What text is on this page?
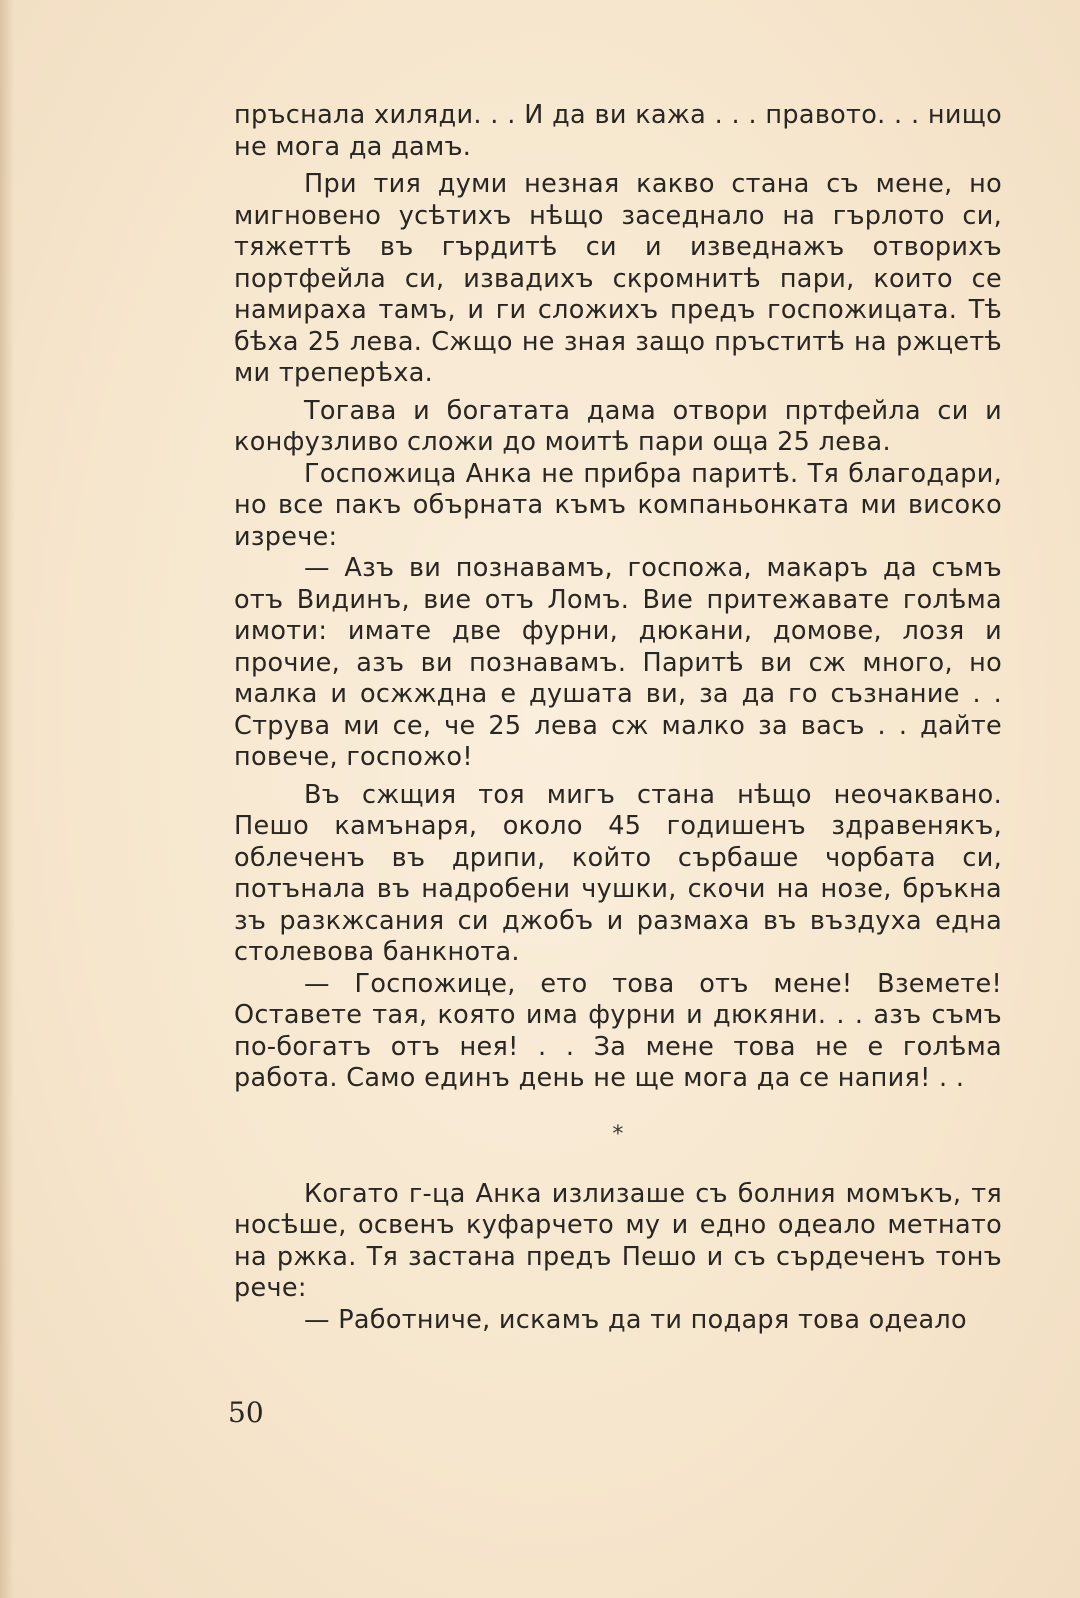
пръснала хиляди. . . И да ви кажа . . . правото. . . нищо не мога да дамъ.

При тия думи незная какво стана съ мене, но мигновено усѣтихъ нѣщо заседнало на гърлото си, тяжеттѣ въ гърдитѣ си и изведнажъ отворихъ портфейла си, извадихъ скромнитѣ пари, които се намираха тамъ, и ги сложихъ предъ госпожицата. Тѣ бѣха 25 лева. Сжщо не зная защо пръститѣ на ржцетѣ ми треперѣха.

Тогава и богатата дама отвори пртфейла си и конфузливо сложи до моитѣ пари оща 25 лева.

Госпожица Анка не прибра паритѣ. Тя благодари, но все пакъ обърната къмъ компаньонката ми високо изрече:

— Азъ ви познавамъ, госпожа, макаръ да съмъ отъ Видинъ, вие отъ Ломъ. Вие притежавате голѣма имоти: имате две фурни, дюкани, домове, лозя и прочие, азъ ви познавамъ. Паритѣ ви сж много, но малка и осжждна е душата ви, за да го съзнание . . Струва ми се, че 25 лева сж малко за васъ . . дайте повече, госпожо!

Въ сжщия тоя мигъ стана нѣщо неочаквано. Пешо камънаря, около 45 годишенъ здравенякъ, облеченъ въ дрипи, който сърбаше чорбата си, потънала въ надробени чушки, скочи на нозе, бръкна зъ разкжсания си джобъ и размаха въ въздуха една столевова банкнота.

— Госпожице, ето това отъ мене! Вземете! Оставете тая, която има фурни и дюкяни. . . азъ съмъ по-богатъ отъ нея! . . За мене това не е голѣма работа. Само единъ день не ще мога да се напия! . .

*

Когато г-ца Анка излизаше съ болния момъкъ, тя носѣше, освенъ куфарчето му и едно одеало метнато на ржка. Тя застана предъ Пешо и съ сърдеченъ тонъ рече:

— Работниче, искамъ да ти подаря това одеало

50
